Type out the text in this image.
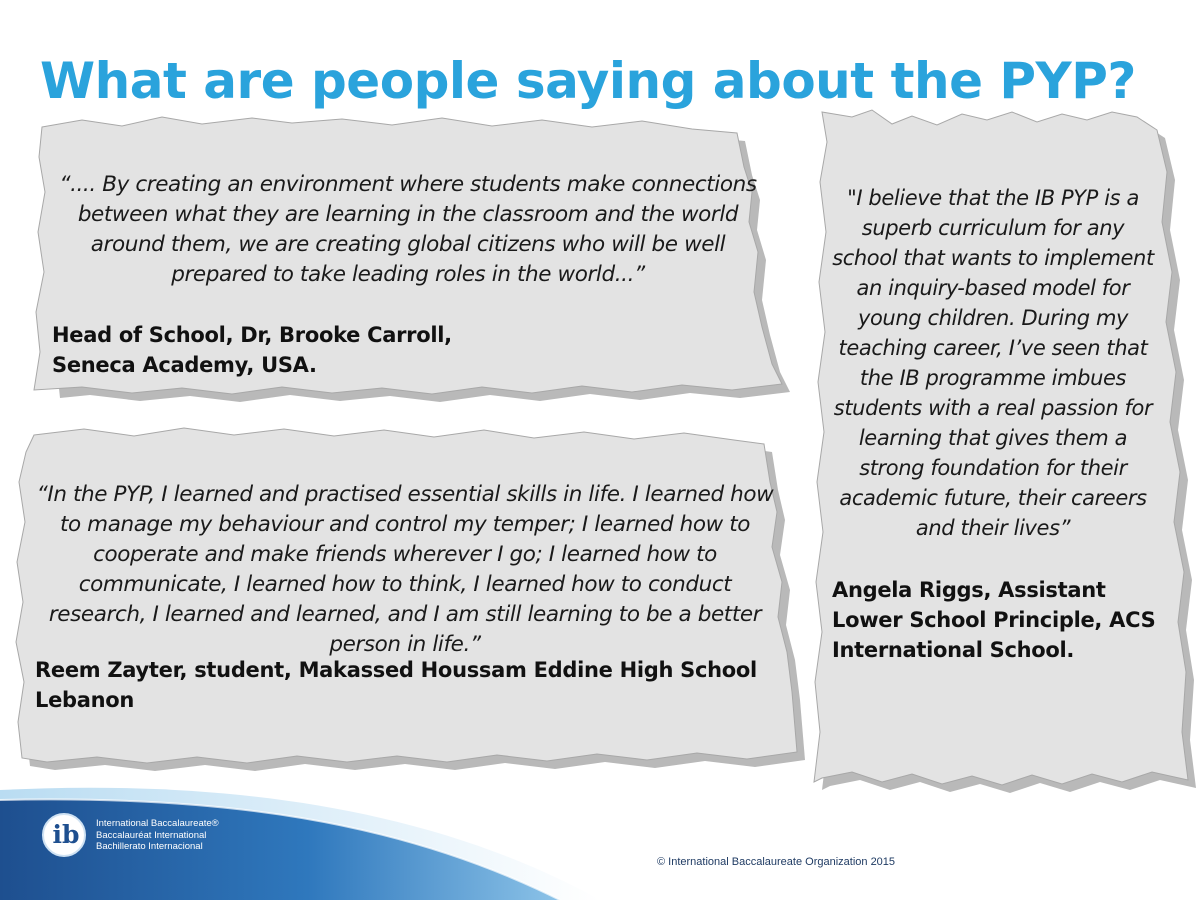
What are people saying about the PYP?
“.... By creating an environment where students make connections between what they are learning in the classroom and the world around them, we are creating global citizens who will be well prepared to take leading roles in the world...”
Head of School, Dr, Brooke Carroll,
Seneca Academy, USA.
“In the PYP, I learned and practised essential skills in life. I learned how to manage my behaviour and control my temper; I learned how to cooperate and make friends wherever I go; I learned how to communicate, I learned how to think, I learned how to conduct research, I learned and learned, and I am still learning to be a better person in life.”
Reem Zayter, student, Makassed Houssam Eddine High School
Lebanon
"I believe that the IB PYP is a superb curriculum for any school that wants to implement an inquiry-based model for young children. During my teaching career, I’ve seen that the IB programme imbues students with a real passion for learning that gives them a strong foundation for their academic future, their careers and their lives”
Angela Riggs, Assistant
Lower School Principle, ACS
International School.
ib	International Baccalaureate®
Baccalauréat International
Bachillerato Internacional
© International Baccalaureate Organization 2015
